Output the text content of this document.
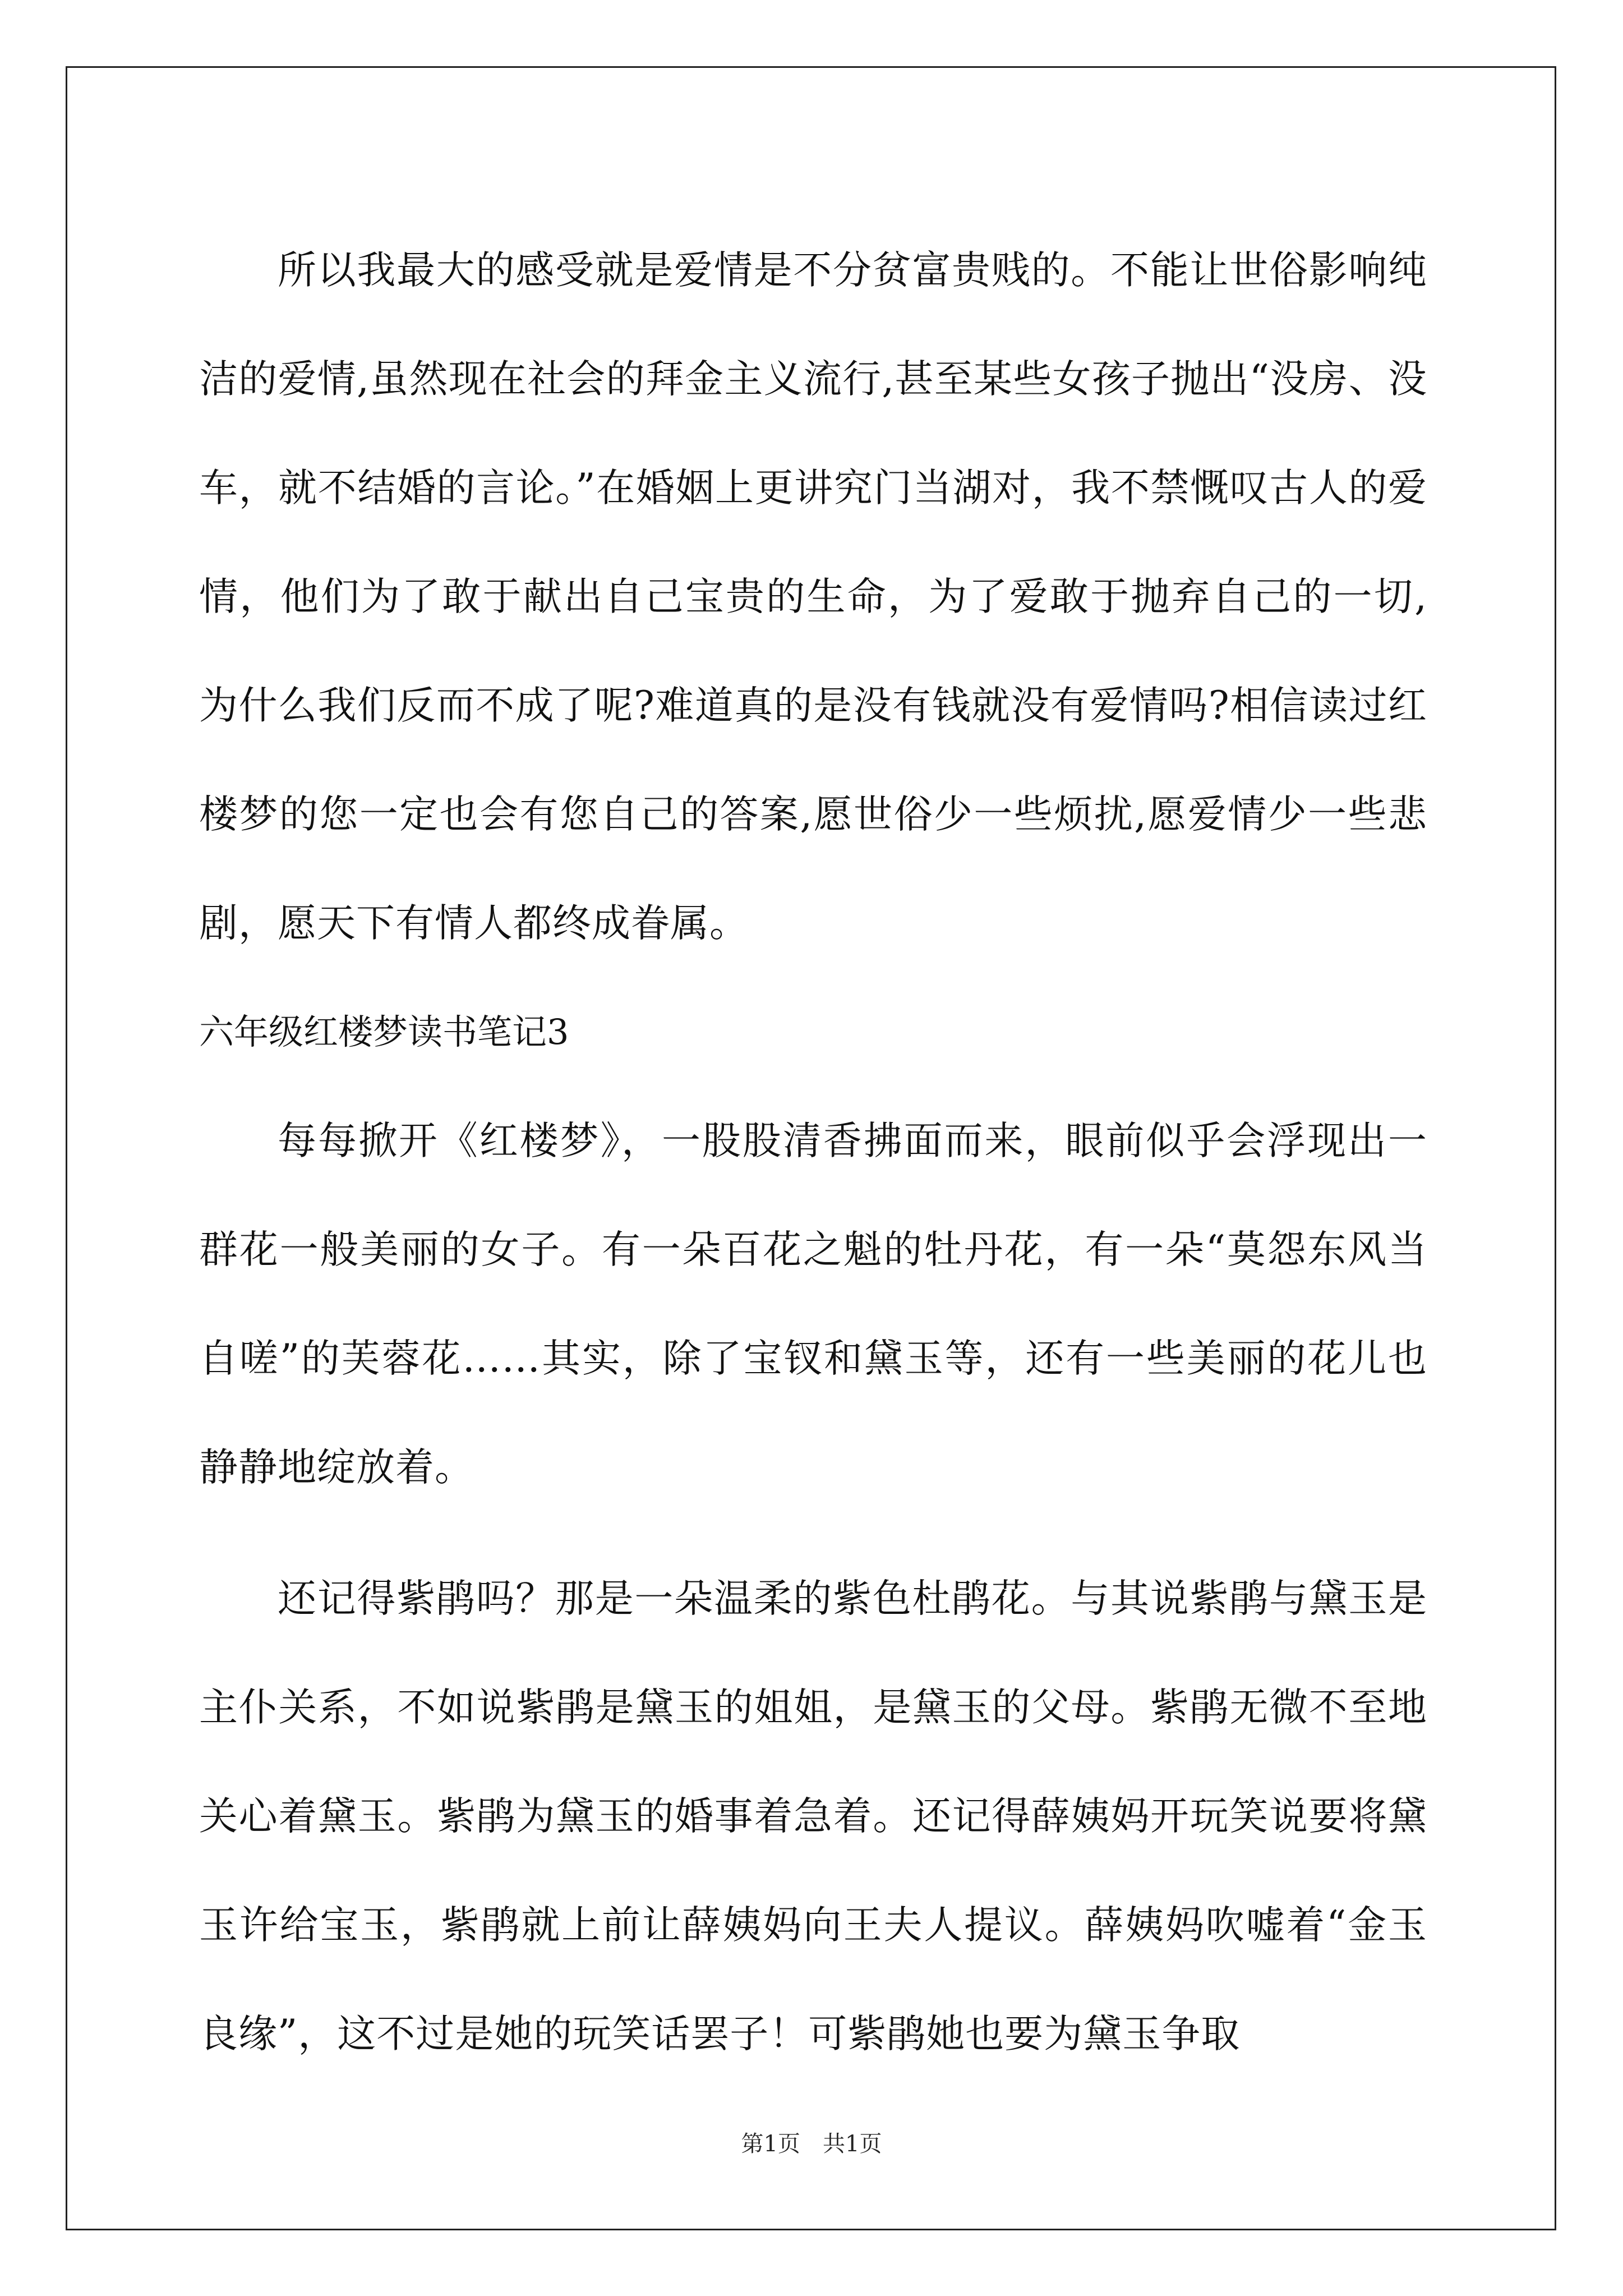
所以我最大的感受就是爱情是不分贫富贵贱的。不能让世俗影响纯洁的爱情,虽然现在社会的拜金主义流行,甚至某些女孩子抛出“没房、没车，就不结婚的言论。”在婚姻上更讲究门当湖对，我不禁慨叹古人的爱情，他们为了敢于献出自己宝贵的生命，为了爱敢于抛弃自己的一切,为什么我们反而不成了呢?难道真的是没有钱就没有爱情吗?相信读过红楼梦的您一定也会有您自己的答案,愿世俗少一些烦扰,愿爱情少一些悲剧，愿天下有情人都终成眷属。

六年级红楼梦读书笔记3

每每掀开《红楼梦》，一股股清香拂面而来，眼前似乎会浮现出一群花一般美丽的女子。有一朵百花之魁的牡丹花，有一朵“莫怨东风当自嗟”的芙蓉花……其实，除了宝钗和黛玉等，还有一些美丽的花儿也静静地绽放着。

还记得紫鹃吗？那是一朵温柔的紫色杜鹃花。与其说紫鹃与黛玉是主仆关系，不如说紫鹃是黛玉的姐姐，是黛玉的父母。紫鹃无微不至地关心着黛玉。紫鹃为黛玉的婚事着急着。还记得薛姨妈开玩笑说要将黛玉许给宝玉，紫鹃就上前让薛姨妈向王夫人提议。薛姨妈吹嘘着“金玉良缘”，这不过是她的玩笑话罢子！可紫鹃她也要为黛玉争取

第1页 共1页
